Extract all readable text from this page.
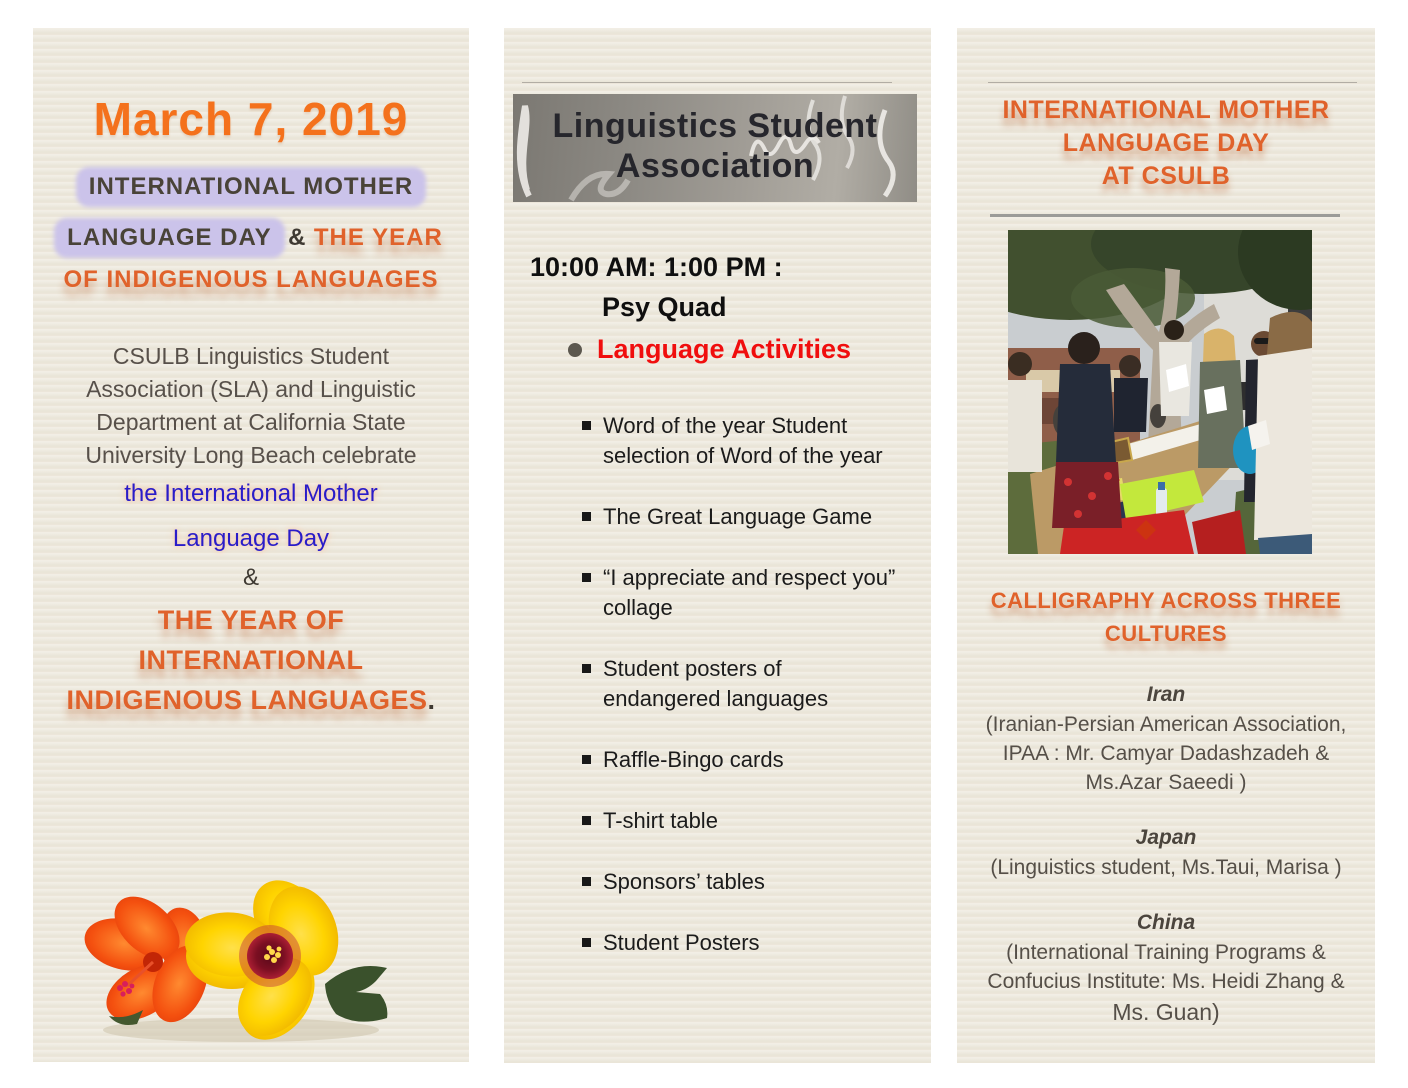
March 7, 2019
INTERNATIONAL MOTHER
LANGUAGE DAY & THE YEAR
OF INDIGENOUS LANGUAGES
CSULB Linguistics Student
Association (SLA) and Linguistic
Department at California State
University Long Beach celebrate
the International Mother
Language Day
&
THE YEAR OF
INTERNATIONAL
INDIGENOUS LANGUAGES.
Linguistics Student
Association
10:00 AM: 1:00 PM :
Psy Quad
Language Activities
Word of the year Student selection of Word of the year
The Great Language Game
“I appreciate and respect you” collage
Student posters of endangered languages
Raffle-Bingo cards
T-shirt table
Sponsors’ tables
Student Posters
INTERNATIONAL MOTHER
LANGUAGE DAY
AT CSULB
CALLIGRAPHY ACROSS THREE
CULTURES
Iran
(Iranian-Persian American Association,
IPAA : Mr. Camyar Dadashzadeh &
Ms.Azar Saeedi )
Japan
(Linguistics student, Ms.Taui, Marisa )
China
(International Training Programs &
Confucius Institute: Ms. Heidi Zhang &
Ms. Guan)
